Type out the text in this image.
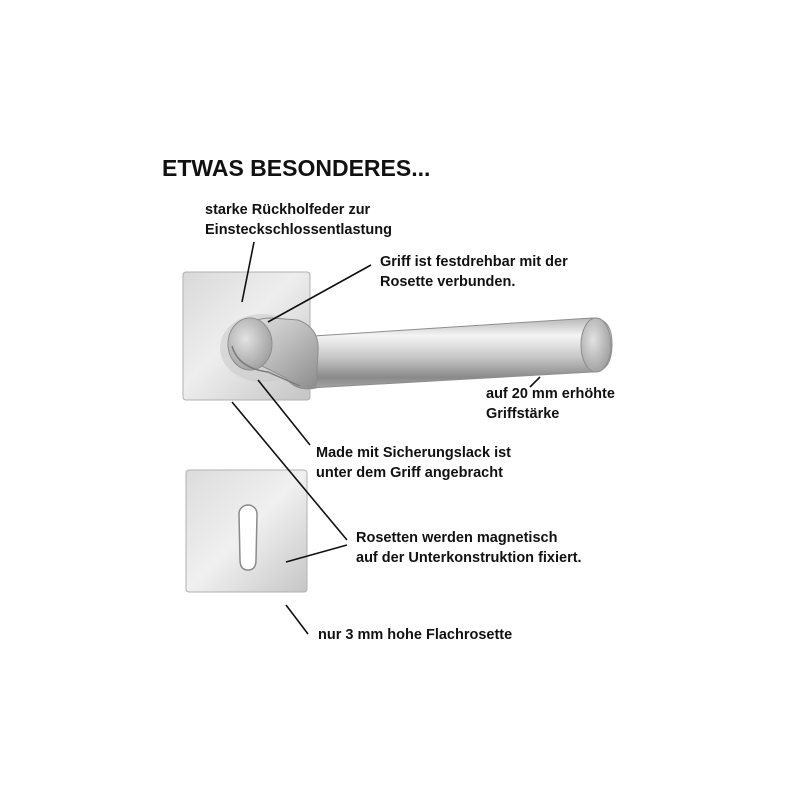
ETWAS BESONDERES...
starke Rückholfeder zur
Einsteckschlossentlastung
Griff ist festdrehbar mit der
Rosette verbunden.
auf 20 mm erhöhte
Griffstärke
Made mit Sicherungslack ist
unter dem Griff angebracht
Rosetten werden magnetisch
auf der Unterkonstruktion fixiert.
nur 3 mm hohe Flachrosette
